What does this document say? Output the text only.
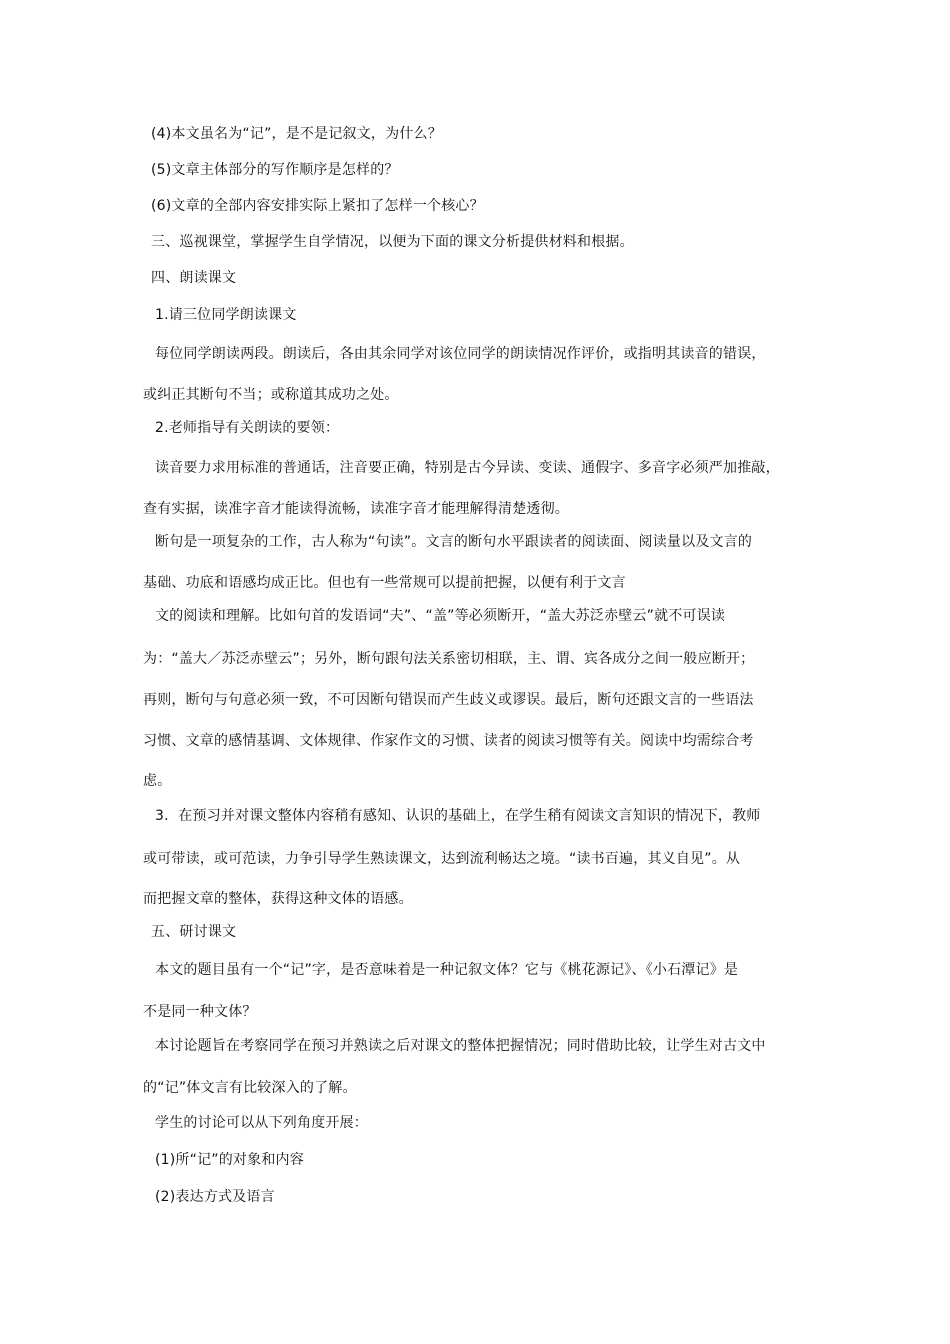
(4)本文虽名为“记”，是不是记叙文，为什么？
(5)文章主体部分的写作顺序是怎样的？
(6)文章的全部内容安排实际上紧扣了怎样一个核心？
三、巡视课堂，掌握学生自学情况，以便为下面的课文分析提供材料和根据。
四、朗读课文
1.请三位同学朗读课文
每位同学朗读两段。朗读后，各由其余同学对该位同学的朗读情况作评价，或指明其读音的错误，
或纠正其断句不当；或称道其成功之处。
2.老师指导有关朗读的要领：
读音要力求用标准的普通话，注音要正确，特别是古今异读、变读、通假字、多音字必须严加推敲，
查有实据，读准字音才能读得流畅，读准字音才能理解得清楚透彻。
断句是一项复杂的工作，古人称为“句读”。文言的断句水平跟读者的阅读面、阅读量以及文言的
基础、功底和语感均成正比。但也有一些常规可以提前把握，以便有利于文言
文的阅读和理解。比如句首的发语词“夫”、“盖”等必须断开，“盖大苏泛赤壁云”就不可误读
为：“盖大／苏泛赤壁云”；另外，断句跟句法关系密切相联，主、谓、宾各成分之间一般应断开；
再则，断句与句意必须一致，不可因断句错误而产生歧义或谬误。最后，断句还跟文言的一些语法
习惯、文章的感情基调、文体规律、作家作文的习惯、读者的阅读习惯等有关。阅读中均需综合考
虑。
3．在预习并对课文整体内容稍有感知、认识的基础上，在学生稍有阅读文言知识的情况下，教师
或可带读，或可范读，力争引导学生熟读课文，达到流利畅达之境。“读书百遍，其义自见”。从
而把握文章的整体，获得这种文体的语感。
五、研讨课文
本文的题目虽有一个“记”字，是否意味着是一种记叙文体？它与《桃花源记》、《小石潭记》是
不是同一种文体？
本讨论题旨在考察同学在预习并熟读之后对课文的整体把握情况；同时借助比较，让学生对古文中
的“记”体文言有比较深入的了解。
学生的讨论可以从下列角度开展：
(1)所“记”的对象和内容
(2)表达方式及语言
